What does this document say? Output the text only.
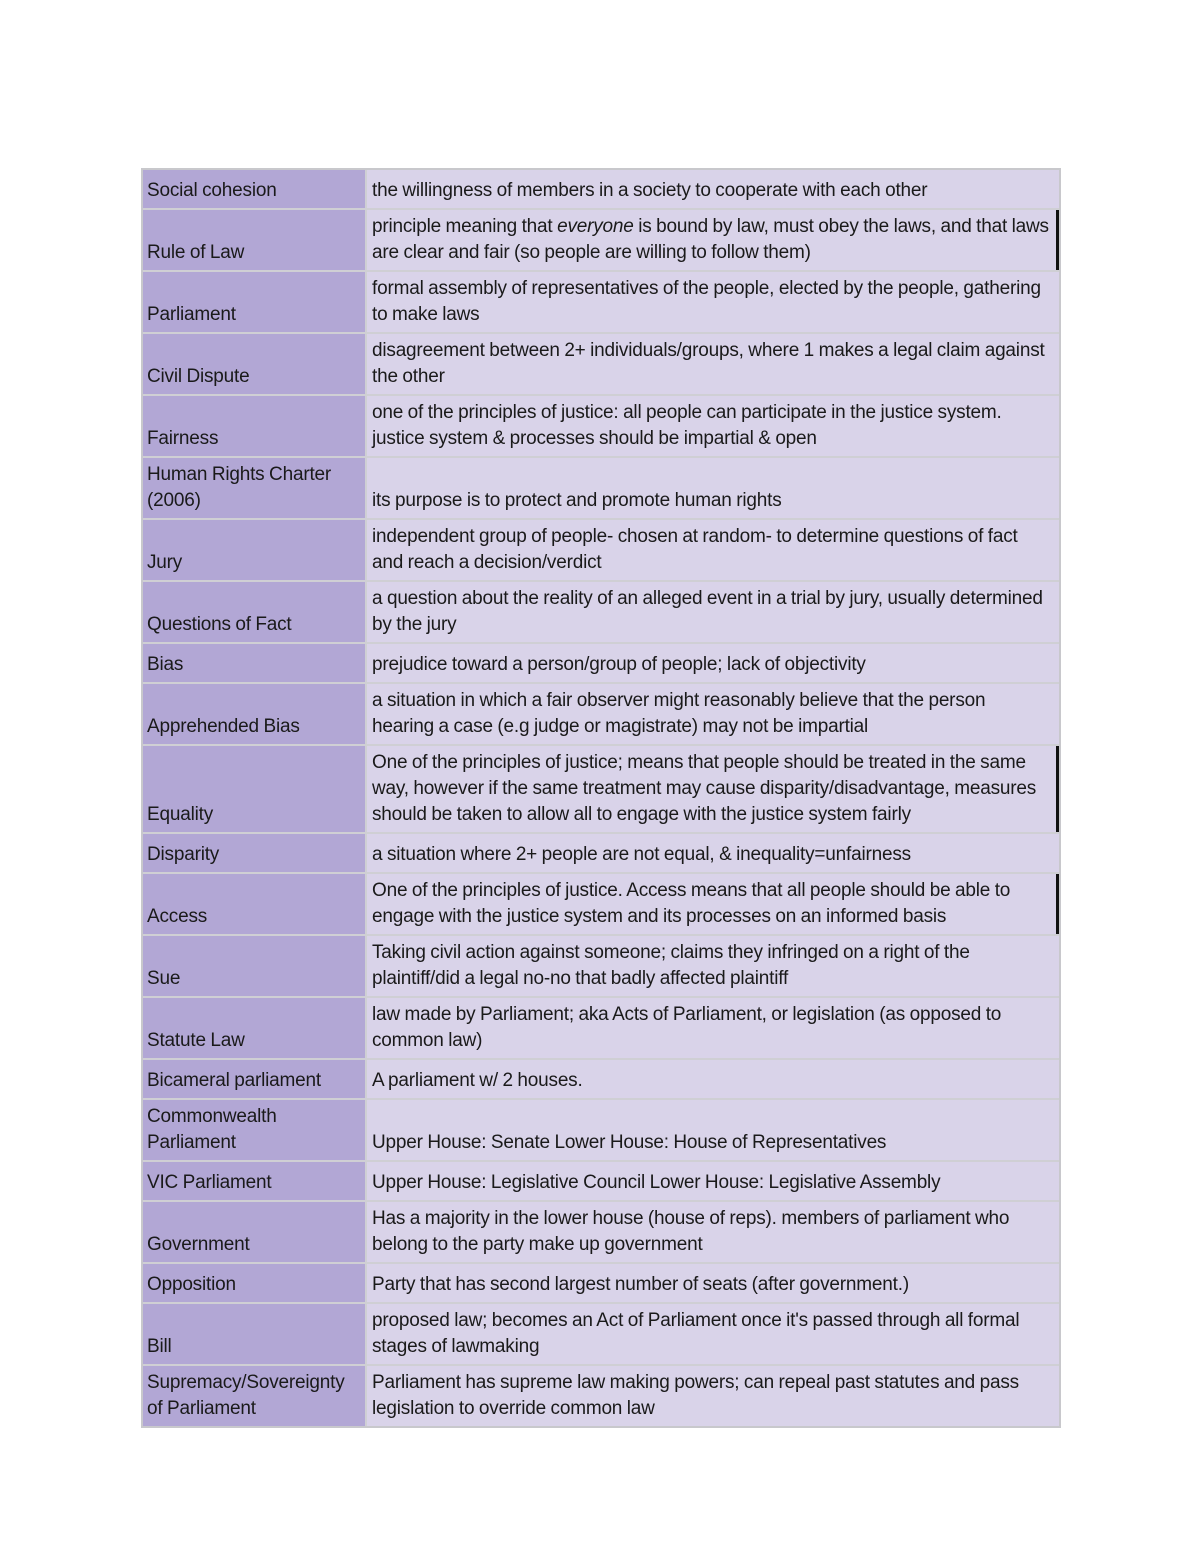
Social cohesion	the willingness of members in a society to cooperate with each other
Rule of Law	principle meaning that everyone is bound by law, must obey the laws, and that laws are clear and fair (so people are willing to follow them)
Parliament	formal assembly of representatives of the people, elected by the people, gathering to make laws
Civil Dispute	disagreement between 2+ individuals/groups, where 1 makes a legal claim against the other
Fairness	one of the principles of justice: all people can participate in the justice system. justice system & processes should be impartial & open
Human Rights Charter (2006)	its purpose is to protect and promote human rights
Jury	independent group of people- chosen at random- to determine questions of fact and reach a decision/verdict
Questions of Fact	a question about the reality of an alleged event in a trial by jury, usually determined by the jury
Bias	prejudice toward a person/group of people; lack of objectivity
Apprehended Bias	a situation in which a fair observer might reasonably believe that the person hearing a case (e.g judge or magistrate) may not be impartial
Equality	One of the principles of justice; means that people should be treated in the same way, however if the same treatment may cause disparity/disadvantage, measures should be taken to allow all to engage with the justice system fairly
Disparity	a situation where 2+ people are not equal, & inequality=unfairness
Access	One of the principles of justice. Access means that all people should be able to engage with the justice system and its processes on an informed basis
Sue	Taking civil action against someone; claims they infringed on a right of the plaintiff/did a legal no-no that badly affected plaintiff
Statute Law	law made by Parliament; aka Acts of Parliament, or legislation (as opposed to common law)
Bicameral parliament	A parliament w/ 2 houses.
Commonwealth Parliament	Upper House: Senate Lower House: House of Representatives
VIC Parliament	Upper House: Legislative Council Lower House: Legislative Assembly
Government	Has a majority in the lower house (house of reps). members of parliament who belong to the party make up government
Opposition	Party that has second largest number of seats (after government.)
Bill	proposed law; becomes an Act of Parliament once it's passed through all formal stages of lawmaking
Supremacy/Sovereignty of Parliament	Parliament has supreme law making powers; can repeal past statutes and pass legislation to override common law
